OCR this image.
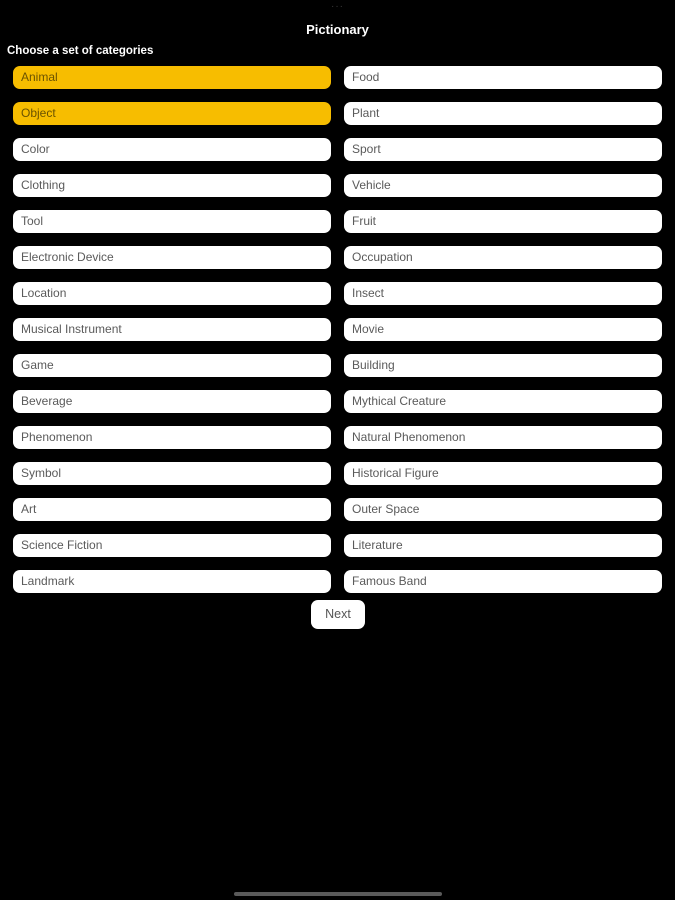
···
Pictionary
Choose a set of categories
Animal	Food
Object	Plant
Color	Sport
Clothing	Vehicle
Tool	Fruit
Electronic Device	Occupation
Location	Insect
Musical Instrument	Movie
Game	Building
Beverage	Mythical Creature
Phenomenon	Natural Phenomenon
Symbol	Historical Figure
Art	Outer Space
Science Fiction	Literature
Landmark	Famous Band
Next
